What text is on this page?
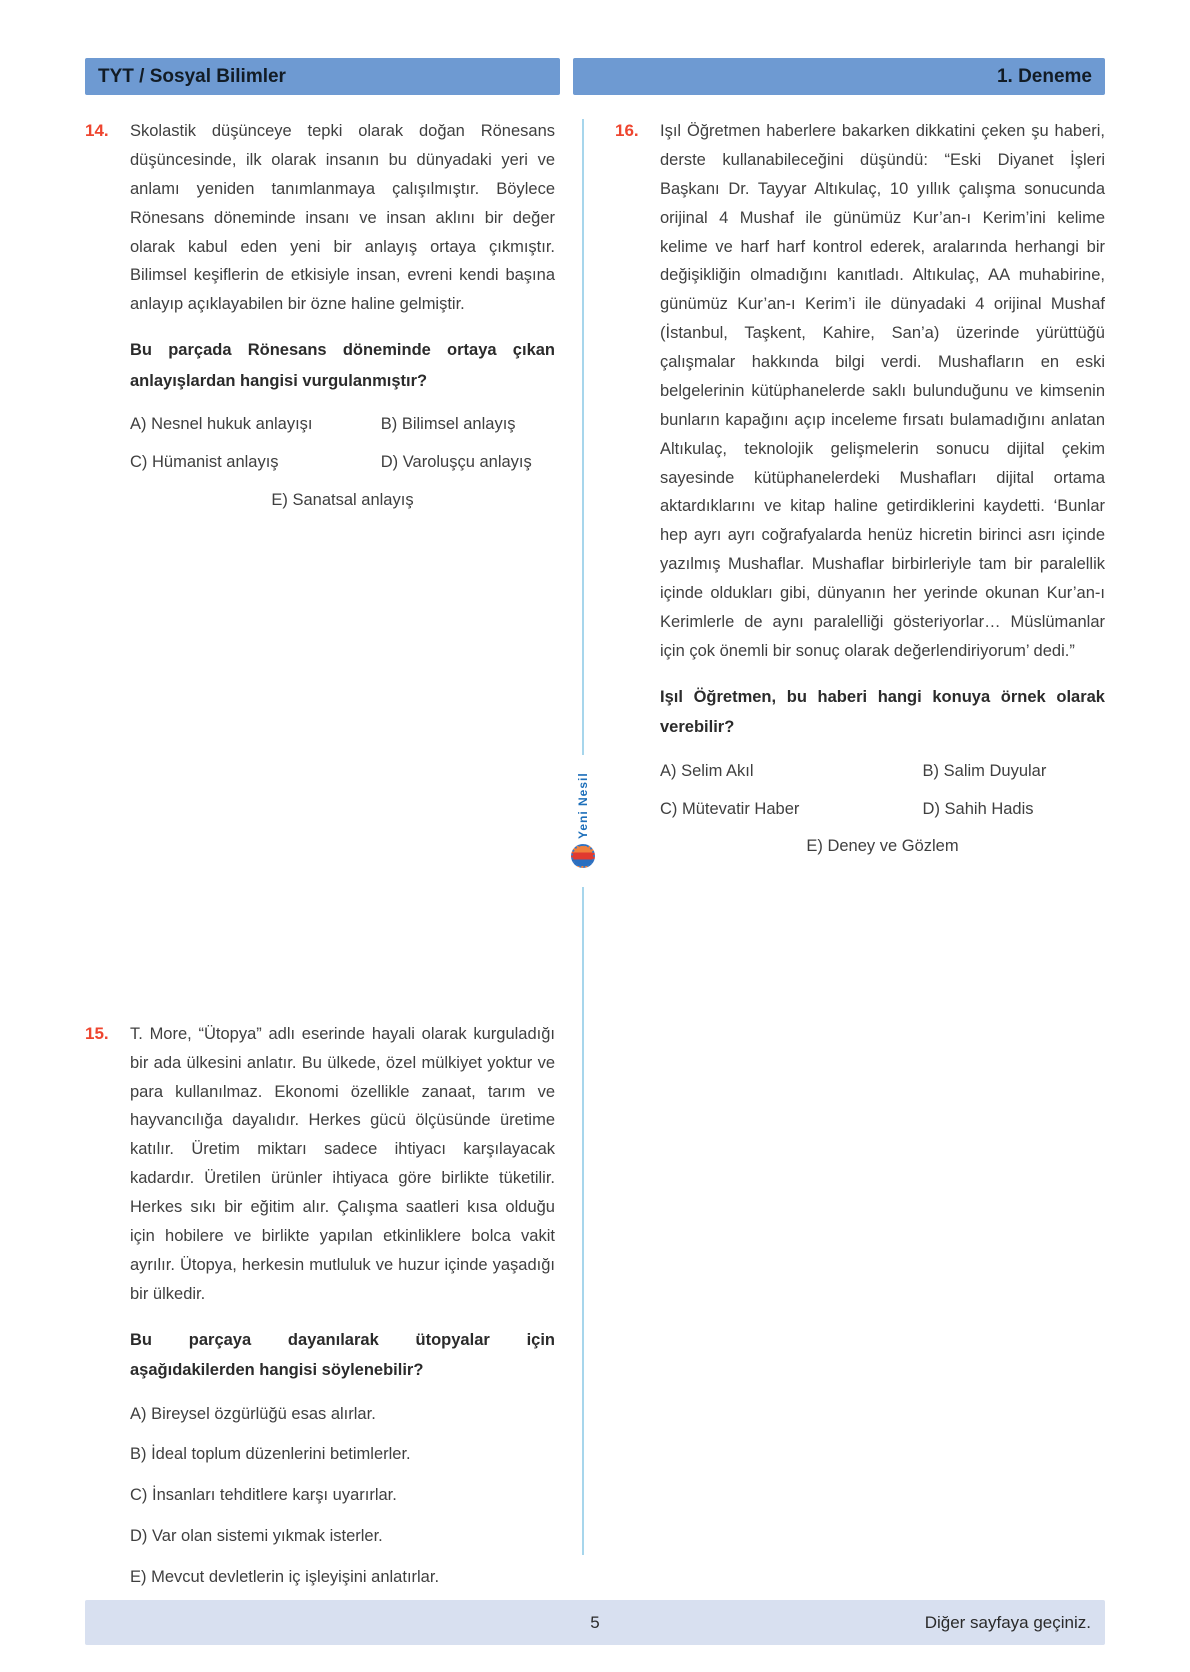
TYT / Sosyal Bilimler	1. Deneme
14.	Skolastik düşünceye tepki olarak doğan Rönesans düşüncesinde, ilk olarak insanın bu dünyadaki yeri ve anlamı yeniden tanımlanmaya çalışılmıştır. Böylece Rönesans döneminde insanı ve insan aklını bir değer olarak kabul eden yeni bir anlayış ortaya çıkmıştır. Bilimsel keşiflerin de etkisiyle insan, evreni kendi başına anlayıp açıklayabilen bir özne haline gelmiştir.

Bu parçada Rönesans döneminde ortaya çıkan anlayışlardan hangisi vurgulanmıştır?

A) Nesnel hukuk anlayışı	B) Bilimsel anlayış
C) Hümanist anlayış	D) Varoluşçu anlayış
E) Sanatsal anlayış
15.	T. More, “Ütopya” adlı eserinde hayali olarak kurguladığı bir ada ülkesini anlatır. Bu ülkede, özel mülkiyet yoktur ve para kullanılmaz. Ekonomi özellikle zanaat, tarım ve hayvancılığa dayalıdır. Herkes gücü ölçüsünde üretime katılır. Üretim miktarı sadece ihtiyacı karşılayacak kadardır. Üretilen ürünler ihtiyaca göre birlikte tüketilir. Herkes sıkı bir eğitim alır. Çalışma saatleri kısa olduğu için hobilere ve birlikte yapılan etkinliklere bolca vakit ayrılır. Ütopya, herkesin mutluluk ve huzur içinde yaşadığı bir ülkedir.

Bu parçaya dayanılarak ütopyalar için aşağıdakilerden hangisi söylenebilir?

A) Bireysel özgürlüğü esas alırlar.
B) İdeal toplum düzenlerini betimlerler.
C) İnsanları tehditlere karşı uyarırlar.
D) Var olan sistemi yıkmak isterler.
E) Mevcut devletlerin iç işleyişini anlatırlar.
Yeni Nesil
16.	Işıl Öğretmen haberlere bakarken dikkatini çeken şu haberi, derste kullanabileceğini düşündü: “Eski Diyanet İşleri Başkanı Dr. Tayyar Altıkulaç, 10 yıllık çalışma sonucunda orijinal 4 Mushaf ile günümüz Kur’an-ı Kerim’ini kelime kelime ve harf harf kontrol ederek, aralarında herhangi bir değişikliğin olmadığını kanıtladı. Altıkulaç, AA muhabirine, günümüz Kur’an-ı Kerim’i ile dünyadaki 4 orijinal Mushaf (İstanbul, Taşkent, Kahire, San’a) üzerinde yürüttüğü çalışmalar hakkında bilgi verdi. Mushafların en eski belgelerinin kütüphanelerde saklı bulunduğunu ve kimsenin bunların kapağını açıp inceleme fırsatı bulamadığını anlatan Altıkulaç, teknolojik gelişmelerin sonucu dijital çekim sayesinde kütüphanelerdeki Mushafları dijital ortama aktardıklarını ve kitap haline getirdiklerini kaydetti. ‘Bunlar hep ayrı ayrı coğrafyalarda henüz hicretin birinci asrı içinde yazılmış Mushaflar. Mushaflar birbirleriyle tam bir paralellik içinde oldukları gibi, dünyanın her yerinde okunan Kur’an-ı Kerimlerle de aynı paralelliği gösteriyorlar… Müslümanlar için çok önemli bir sonuç olarak değerlendiriyorum’ dedi.”

Işıl Öğretmen, bu haberi hangi konuya örnek olarak verebilir?

A) Selim Akıl	B) Salim Duyular
C) Mütevatir Haber	D) Sahih Hadis
E) Deney ve Gözlem
5	Diğer sayfaya geçiniz.
